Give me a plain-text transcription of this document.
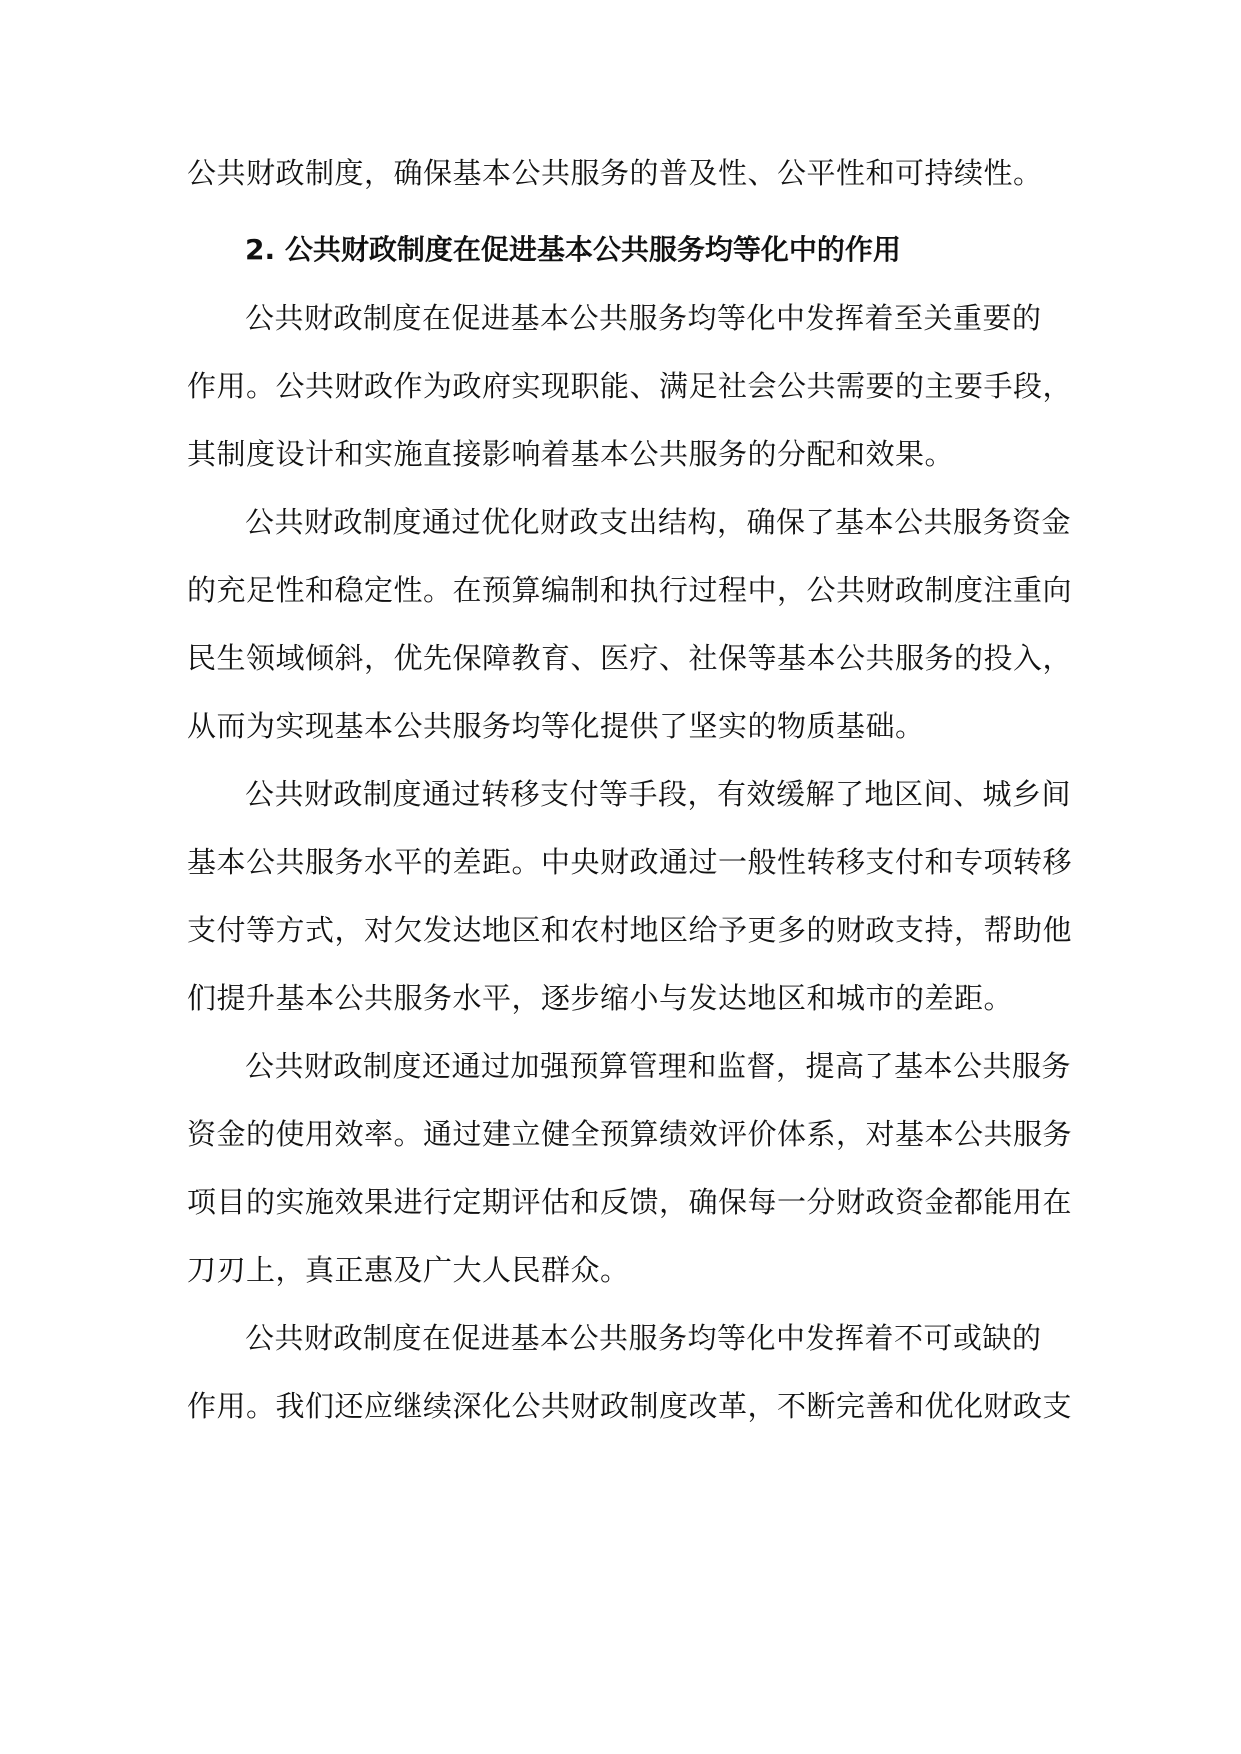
公共财政制度，确保基本公共服务的普及性、公平性和可持续性。
2. 公共财政制度在促进基本公共服务均等化中的作用
公共财政制度在促进基本公共服务均等化中发挥着至关重要的
作用。公共财政作为政府实现职能、满足社会公共需要的主要手段，
其制度设计和实施直接影响着基本公共服务的分配和效果。
公共财政制度通过优化财政支出结构，确保了基本公共服务资金
的充足性和稳定性。在预算编制和执行过程中，公共财政制度注重向
民生领域倾斜，优先保障教育、医疗、社保等基本公共服务的投入，
从而为实现基本公共服务均等化提供了坚实的物质基础。
公共财政制度通过转移支付等手段，有效缓解了地区间、城乡间
基本公共服务水平的差距。中央财政通过一般性转移支付和专项转移
支付等方式，对欠发达地区和农村地区给予更多的财政支持，帮助他
们提升基本公共服务水平，逐步缩小与发达地区和城市的差距。
公共财政制度还通过加强预算管理和监督，提高了基本公共服务
资金的使用效率。通过建立健全预算绩效评价体系，对基本公共服务
项目的实施效果进行定期评估和反馈，确保每一分财政资金都能用在
刀刃上，真正惠及广大人民群众。
公共财政制度在促进基本公共服务均等化中发挥着不可或缺的
作用。我们还应继续深化公共财政制度改革，不断完善和优化财政支
